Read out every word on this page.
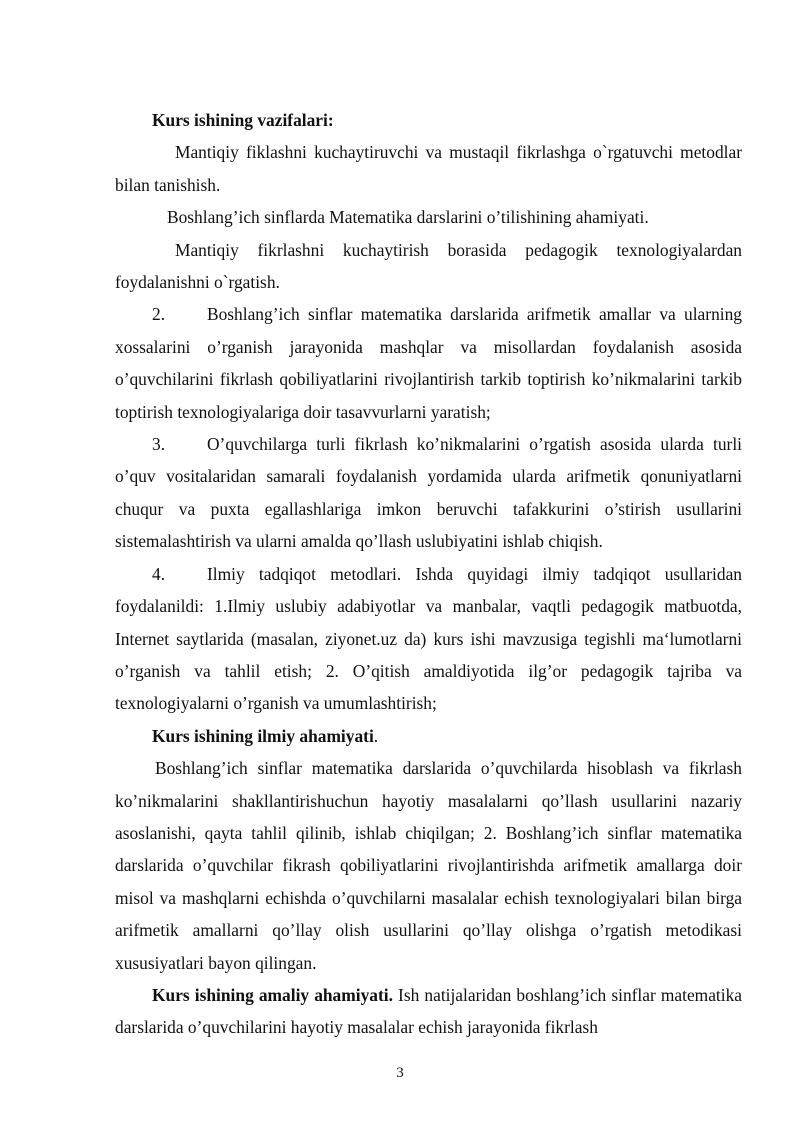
Kurs ishining vazifalari:

Mantiqiy fiklashni kuchaytiruvchi va mustaqil fikrlashga o`rgatuvchi metodlar bilan tanishish.

Boshlang’ich sinflarda Matematika darslarini o’tilishining ahamiyati.

Mantiqiy fikrlashni kuchaytirish borasida pedagogik texnologiyalardan foydalanishni o`rgatish.

2. Boshlang’ich sinflar matematika darslarida arifmetik amallar va ularning xossalarini o’rganish jarayonida mashqlar va misollardan foydalanish asosida o’quvchilarini fikrlash qobiliyatlarini rivojlantirish tarkib toptirish ko’nikmalarini tarkib toptirish texnologiyalariga doir tasavvurlarni yaratish;

3. O’quvchilarga turli fikrlash ko’nikmalarini o’rgatish asosida ularda turli o’quv vositalaridan samarali foydalanish yordamida ularda arifmetik qonuniyatlarni chuqur va puxta egallashlariga imkon beruvchi tafakkurini o’stirish usullarini sistemalashtirish va ularni amalda qo’llash uslubiyatini ishlab chiqish.

4. Ilmiy tadqiqot metodlari. Ishda quyidagi ilmiy tadqiqot usullaridan foydalanildi: 1.Ilmiy uslubiy adabiyotlar va manbalar, vaqtli pedagogik matbuotda, Internet saytlarida (masalan, ziyonet.uz da) kurs ishi mavzusiga tegishli ma‘lumotlarni o’rganish va tahlil etish; 2. O’qitish amaldiyotida ilg’or pedagogik tajriba va texnologiyalarni o’rganish va umumlashtirish;

Kurs ishining ilmiy ahamiyati.

Boshlang’ich sinflar matematika darslarida o’quvchilarda hisoblash va fikrlash ko’nikmalarini shakllantirishuchun hayotiy masalalarni qo’llash usullarini nazariy asoslanishi, qayta tahlil qilinib, ishlab chiqilgan; 2. Boshlang’ich sinflar matematika darslarida o’quvchilar fikrash qobiliyatlarini rivojlantirishda arifmetik amallarga doir misol va mashqlarni echishda o’quvchilarni masalalar echish texnologiyalari bilan birga arifmetik amallarni qo’llay olish usullarini qo’llay olishga o’rgatish metodikasi xususiyatlari bayon qilingan.

Kurs ishining amaliy ahamiyati. Ish natijalaridan boshlang’ich sinflar matematika darslarida o’quvchilarini hayotiy masalalar echish jarayonida fikrlash

3
